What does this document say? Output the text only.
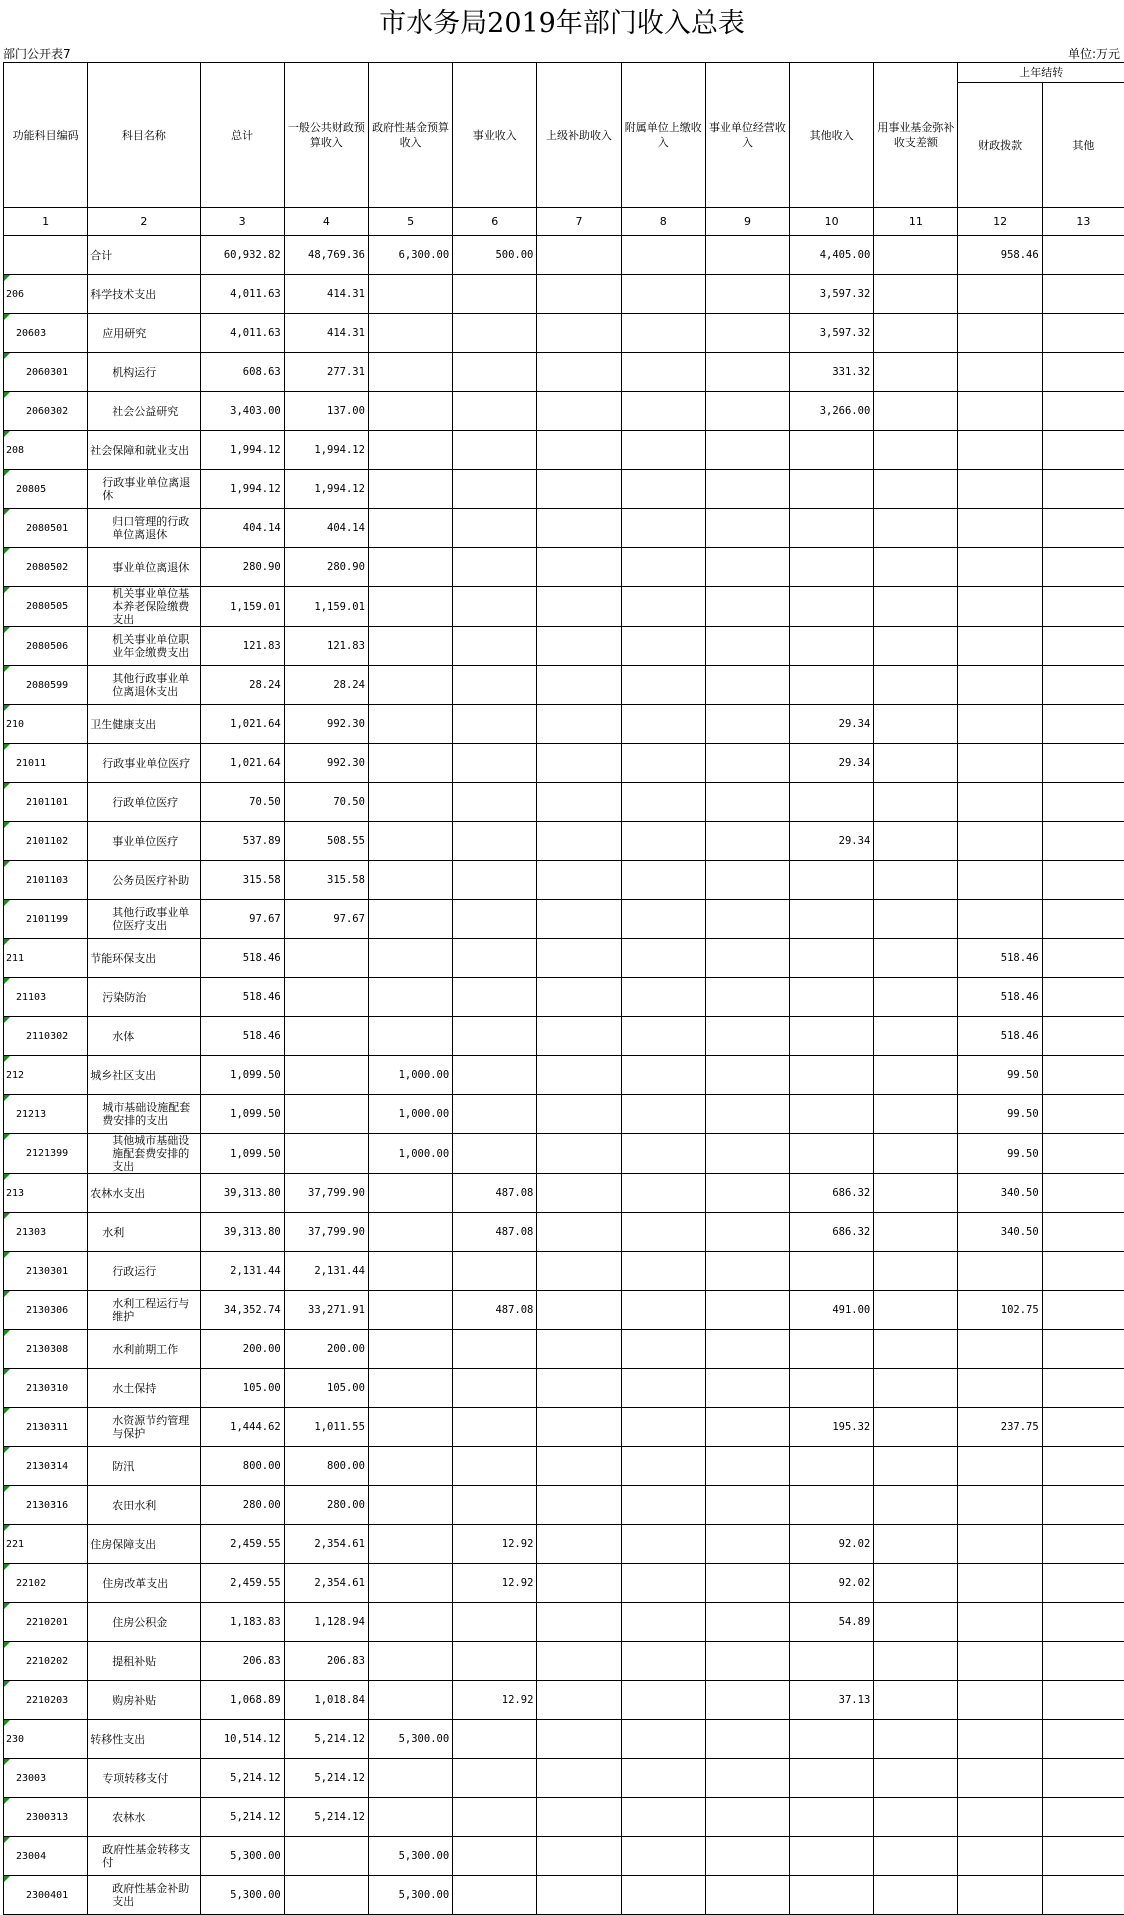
市水务局2019年部门收入总表
部门公开表7	单位:万元
功能科目编码	科目名称	总计	一般公共财政预算收入	政府性基金预算收入	事业收入	上级补助收入	附属单位上缴收入	事业单位经营收入	其他收入	用事业基金弥补收支差额	上年结转	
											财政拨款	其他
1	2	3	4	5	6	7	8	9	10	11	12	13
	合计	60,932.82	48,769.36	6,300.00	500.00				4,405.00		958.46	

206	科学技术支出	4,011.63	414.31						3,597.32			

20603	应用研究	4,011.63	414.31						3,597.32			

2060301	机构运行	608.63	277.31						331.32			

2060302	社会公益研究	3,403.00	137.00						3,266.00			

208	社会保障和就业支出	1,994.12	1,994.12									

20805	行政事业单位离退休	1,994.12	1,994.12									

2080501	归口管理的行政单位离退休	404.14	404.14									

2080502	事业单位离退休	280.90	280.90									

2080505	机关事业单位基本养老保险缴费支出	1,159.01	1,159.01									

2080506	机关事业单位职业年金缴费支出	121.83	121.83									

2080599	其他行政事业单位离退休支出	28.24	28.24									

210	卫生健康支出	1,021.64	992.30						29.34			

21011	行政事业单位医疗	1,021.64	992.30						29.34			

2101101	行政单位医疗	70.50	70.50									

2101102	事业单位医疗	537.89	508.55						29.34			

2101103	公务员医疗补助	315.58	315.58									

2101199	其他行政事业单位医疗支出	97.67	97.67									

211	节能环保支出	518.46									518.46	

21103	污染防治	518.46									518.46	

2110302	水体	518.46									518.46	

212	城乡社区支出	1,099.50		1,000.00							99.50	

21213	城市基础设施配套费安排的支出	1,099.50		1,000.00							99.50	

2121399	其他城市基础设施配套费安排的支出	1,099.50		1,000.00							99.50	

213	农林水支出	39,313.80	37,799.90		487.08				686.32		340.50	

21303	水利	39,313.80	37,799.90		487.08				686.32		340.50	

2130301	行政运行	2,131.44	2,131.44									

2130306	水利工程运行与维护	34,352.74	33,271.91		487.08				491.00		102.75	

2130308	水利前期工作	200.00	200.00									

2130310	水土保持	105.00	105.00									

2130311	水资源节约管理与保护	1,444.62	1,011.55						195.32		237.75	

2130314	防汛	800.00	800.00									

2130316	农田水利	280.00	280.00									

221	住房保障支出	2,459.55	2,354.61		12.92				92.02			

22102	住房改革支出	2,459.55	2,354.61		12.92				92.02			

2210201	住房公积金	1,183.83	1,128.94						54.89			

2210202	提租补贴	206.83	206.83									

2210203	购房补贴	1,068.89	1,018.84		12.92				37.13			

230	转移性支出	10,514.12	5,214.12	5,300.00								

23003	专项转移支付	5,214.12	5,214.12									

2300313	农林水	5,214.12	5,214.12									

23004	政府性基金转移支付	5,300.00		5,300.00								

2300401	政府性基金补助支出	5,300.00		5,300.00								
